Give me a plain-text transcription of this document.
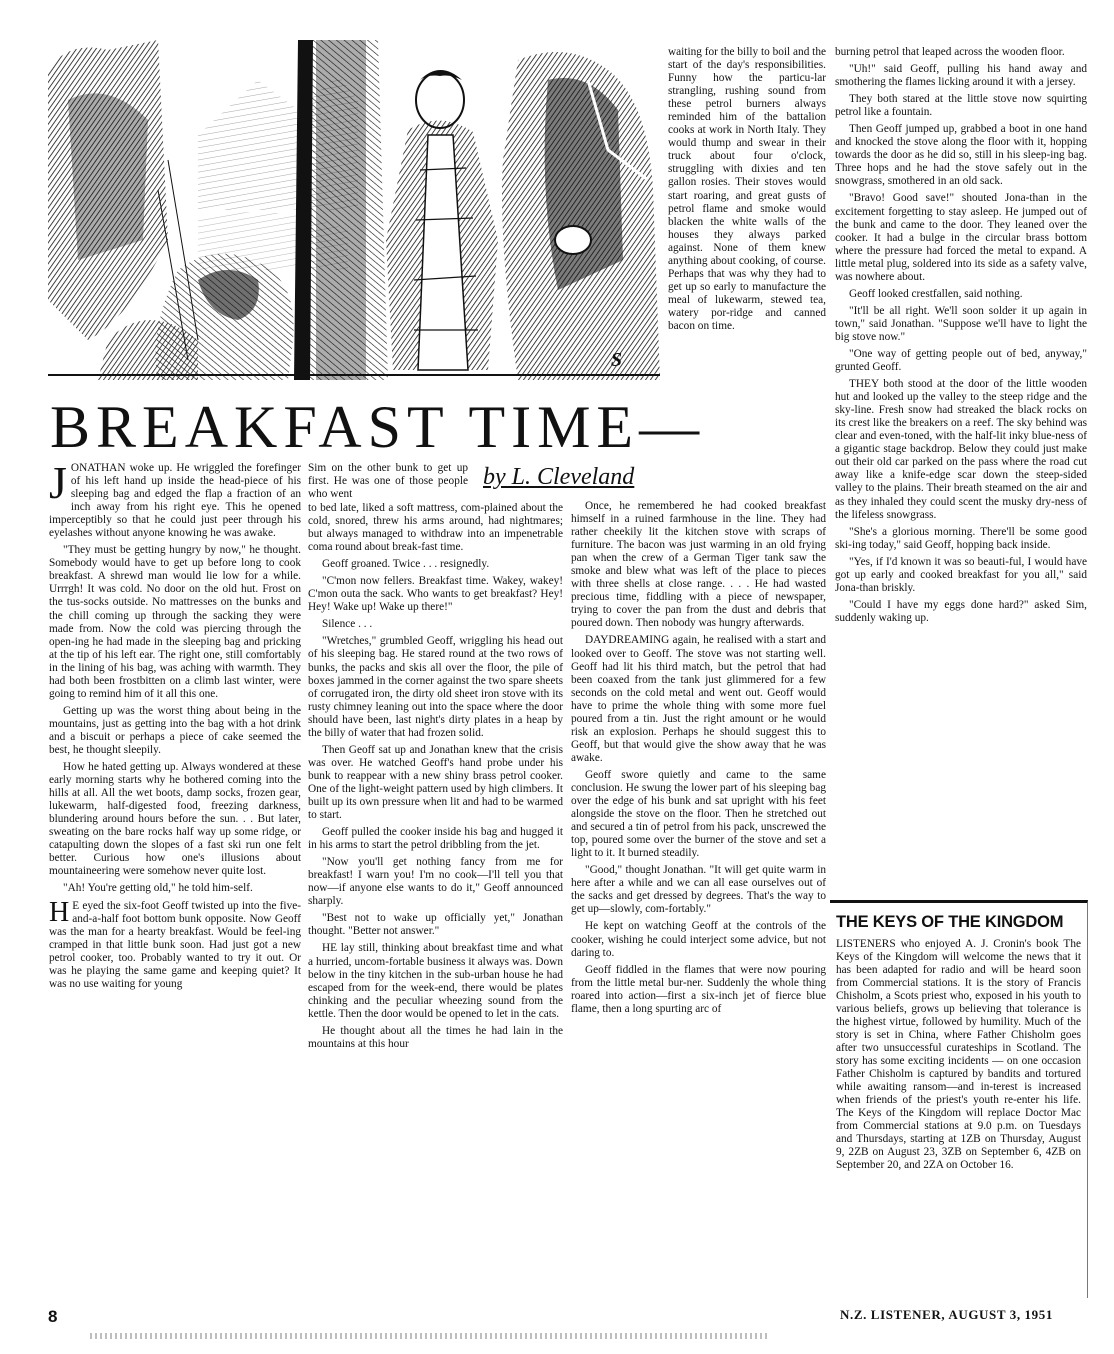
S
BREAKFAST TIME—

JONATHAN woke up. He wriggled the forefinger of his left hand up inside the head-piece of his sleeping bag and edged the flap a fraction of an inch away from his right eye. This he opened imperceptibly so that he could just peer through his eyelashes without anyone knowing he was awake.

"They must be getting hungry by now," he thought. Somebody would have to get up before long to cook breakfast. A shrewd man would lie low for a while. Urrrgh! It was cold. No door on the old hut. Frost on the tus-socks outside. No mattresses on the bunks and the chill coming up through the sacking they were made from. Now the cold was piercing through the open-ing he had made in the sleeping bag and pricking at the tip of his left ear. The right one, still comfortably in the lining of his bag, was aching with warmth. They had both been frostbitten on a climb last winter, were going to remind him of it all this one.

Getting up was the worst thing about being in the mountains, just as getting into the bag with a hot drink and a biscuit or perhaps a piece of cake seemed the best, he thought sleepily.

How he hated getting up. Always wondered at these early morning starts why he bothered coming into the hills at all. All the wet boots, damp socks, frozen gear, lukewarm, half-digested food, freezing darkness, blundering around hours before the sun. . . But later, sweating on the bare rocks half way up some ridge, or catapulting down the slopes of a fast ski run one felt better. Curious how one's illusions about mountaineering were somehow never quite lost.

"Ah! You're getting old," he told him-self.

H E eyed the six-foot Geoff twisted up into the five-and-a-half foot bottom bunk opposite. Now Geoff was the man for a hearty breakfast. Would be feel-ing cramped in that little bunk soon. Had just got a new petrol cooker, too. Probably wanted to try it out. Or was he playing the same game and keeping quiet? It was no use waiting for young

Sim on the other bunk to get up first. He was one of those people who went

by L. Cleveland

to bed late, liked a soft mattress, com-plained about the cold, snored, threw his arms around, had nightmares; but always managed to withdraw into an impenetrable coma round about break-fast time.

Geoff groaned. Twice . . . resignedly.

"C'mon now fellers. Breakfast time. Wakey, wakey! C'mon outa the sack. Who wants to get breakfast? Hey! Hey! Wake up! Wake up there!"

Silence . . .

"Wretches," grumbled Geoff, wriggling his head out of his sleeping bag. He stared round at the two rows of bunks, the packs and skis all over the floor, the pile of boxes jammed in the corner against the two spare sheets of corrugated iron, the dirty old sheet iron stove with its rusty chimney leaning out into the space where the door should have been, last night's dirty plates in a heap by the billy of water that had frozen solid.

Then Geoff sat up and Jonathan knew that the crisis was over. He watched Geoff's hand probe under his bunk to reappear with a new shiny brass petrol cooker. One of the light-weight pattern used by high climbers. It built up its own pressure when lit and had to be warmed to start.

Geoff pulled the cooker inside his bag and hugged it in his arms to start the petrol dribbling from the jet.

"Now you'll get nothing fancy from me for breakfast! I warn you! I'm no cook—I'll tell you that now—if anyone else wants to do it," Geoff announced sharply.

"Best not to wake up officially yet," Jonathan thought. "Better not answer."

HE lay still, thinking about breakfast time and what a hurried, uncom-fortable business it always was. Down below in the tiny kitchen in the sub-urban house he had escaped from for the week-end, there would be plates chinking and the peculiar wheezing sound from the kettle. Then the door would be opened to let in the cats.

He thought about all the times he had lain in the mountains at this hour

waiting for the billy to boil and the start of the day's responsibilities. Funny how the particu-lar strangling, rushing sound from these petrol burners always reminded him of the battalion cooks at work in North Italy. They would thump and swear in their truck about four o'clock, struggling with dixies and ten gallon rosies. Their stoves would start roaring, and great gusts of petrol flame and smoke would blacken the white walls of the houses they always parked against. None of them knew anything about cooking, of course. Perhaps that was why they had to get up so early to manufacture the meal of lukewarm, stewed tea, watery por-ridge and canned bacon on time.

Once, he remembered he had cooked breakfast himself in a ruined farmhouse in the line. They had rather cheekily lit the kitchen stove with scraps of furniture. The bacon was just warming in an old frying pan when the crew of a German Tiger tank saw the smoke and blew what was left of the place to pieces with three shells at close range. . . . He had wasted precious time, fiddling with a piece of newspaper, trying to cover the pan from the dust and debris that poured down. Then nobody was hungry afterwards.

DAYDREAMING again, he realised with a start and looked over to Geoff. The stove was not starting well. Geoff had lit his third match, but the petrol that had been coaxed from the tank just glimmered for a few seconds on the cold metal and went out. Geoff would have to prime the whole thing with some more fuel poured from a tin. Just the right amount or he would risk an explosion. Perhaps he should suggest this to Geoff, but that would give the show away that he was awake.

Geoff swore quietly and came to the same conclusion. He swung the lower part of his sleeping bag over the edge of his bunk and sat upright with his feet alongside the stove on the floor. Then he stretched out and secured a tin of petrol from his pack, unscrewed the top, poured some over the burner of the stove and set a light to it. It burned steadily.

"Good," thought Jonathan. "It will get quite warm in here after a while and we can all ease ourselves out of the sacks and get dressed by degrees. That's the way to get up—slowly, com-fortably."

He kept on watching Geoff at the controls of the cooker, wishing he could interject some advice, but not daring to.

Geoff fiddled in the flames that were now pouring from the little metal bur-ner. Suddenly the whole thing roared into action—first a six-inch jet of fierce blue flame, then a long spurting arc of

burning petrol that leaped across the wooden floor.

"Uh!" said Geoff, pulling his hand away and smothering the flames licking around it with a jersey.

They both stared at the little stove now squirting petrol like a fountain.

Then Geoff jumped up, grabbed a boot in one hand and knocked the stove along the floor with it, hopping towards the door as he did so, still in his sleep-ing bag. Three hops and he had the stove safely out in the snowgrass, smothered in an old sack.

"Bravo! Good save!" shouted Jona-than in the excitement forgetting to stay asleep. He jumped out of the bunk and came to the door. They leaned over the cooker. It had a bulge in the circular brass bottom where the pressure had forced the metal to expand. A little metal plug, soldered into its side as a safety valve, was nowhere about.

Geoff looked crestfallen, said nothing.

"It'll be all right. We'll soon solder it up again in town," said Jonathan. "Suppose we'll have to light the big stove now."

"One way of getting people out of bed, anyway," grunted Geoff.

THEY both stood at the door of the little wooden hut and looked up the valley to the steep ridge and the sky-line. Fresh snow had streaked the black rocks on its crest like the breakers on a reef. The sky behind was clear and even-toned, with the half-lit inky blue-ness of a gigantic stage backdrop. Below they could just make out their old car parked on the pass where the road cut away like a knife-edge scar down the steep-sided valley to the plains. Their breath steamed on the air and as they inhaled they could scent the musky dry-ness of the lifeless snowgrass.

"She's a glorious morning. There'll be some good ski-ing today," said Geoff, hopping back inside.

"Yes, if I'd known it was so beauti-ful, I would have got up early and cooked breakfast for you all," said Jona-than briskly.

"Could I have my eggs done hard?" asked Sim, suddenly waking up.

THE KEYS OF THE KINGDOM
LISTENERS who enjoyed A. J. Cronin's book The Keys of the Kingdom will welcome the news that it has been adapted for radio and will be heard soon from Commercial stations. It is the story of Francis Chisholm, a Scots priest who, exposed in his youth to various beliefs, grows up believing that tolerance is the highest virtue, followed by humility. Much of the story is set in China, where Father Chisholm goes after two unsuccessful curateships in Scotland. The story has some exciting incidents — on one occasion Father Chisholm is captured by bandits and tortured while awaiting ransom—and in-terest is increased when friends of the priest's youth re-enter his life. The Keys of the Kingdom will replace Doctor Mac from Commercial stations at 9.0 p.m. on Tuesdays and Thursdays, starting at 1ZB on Thursday, August 9, 2ZB on August 23, 3ZB on September 6, 4ZB on September 20, and 2ZA on October 16.
8	N.Z. LISTENER, AUGUST 3, 1951
